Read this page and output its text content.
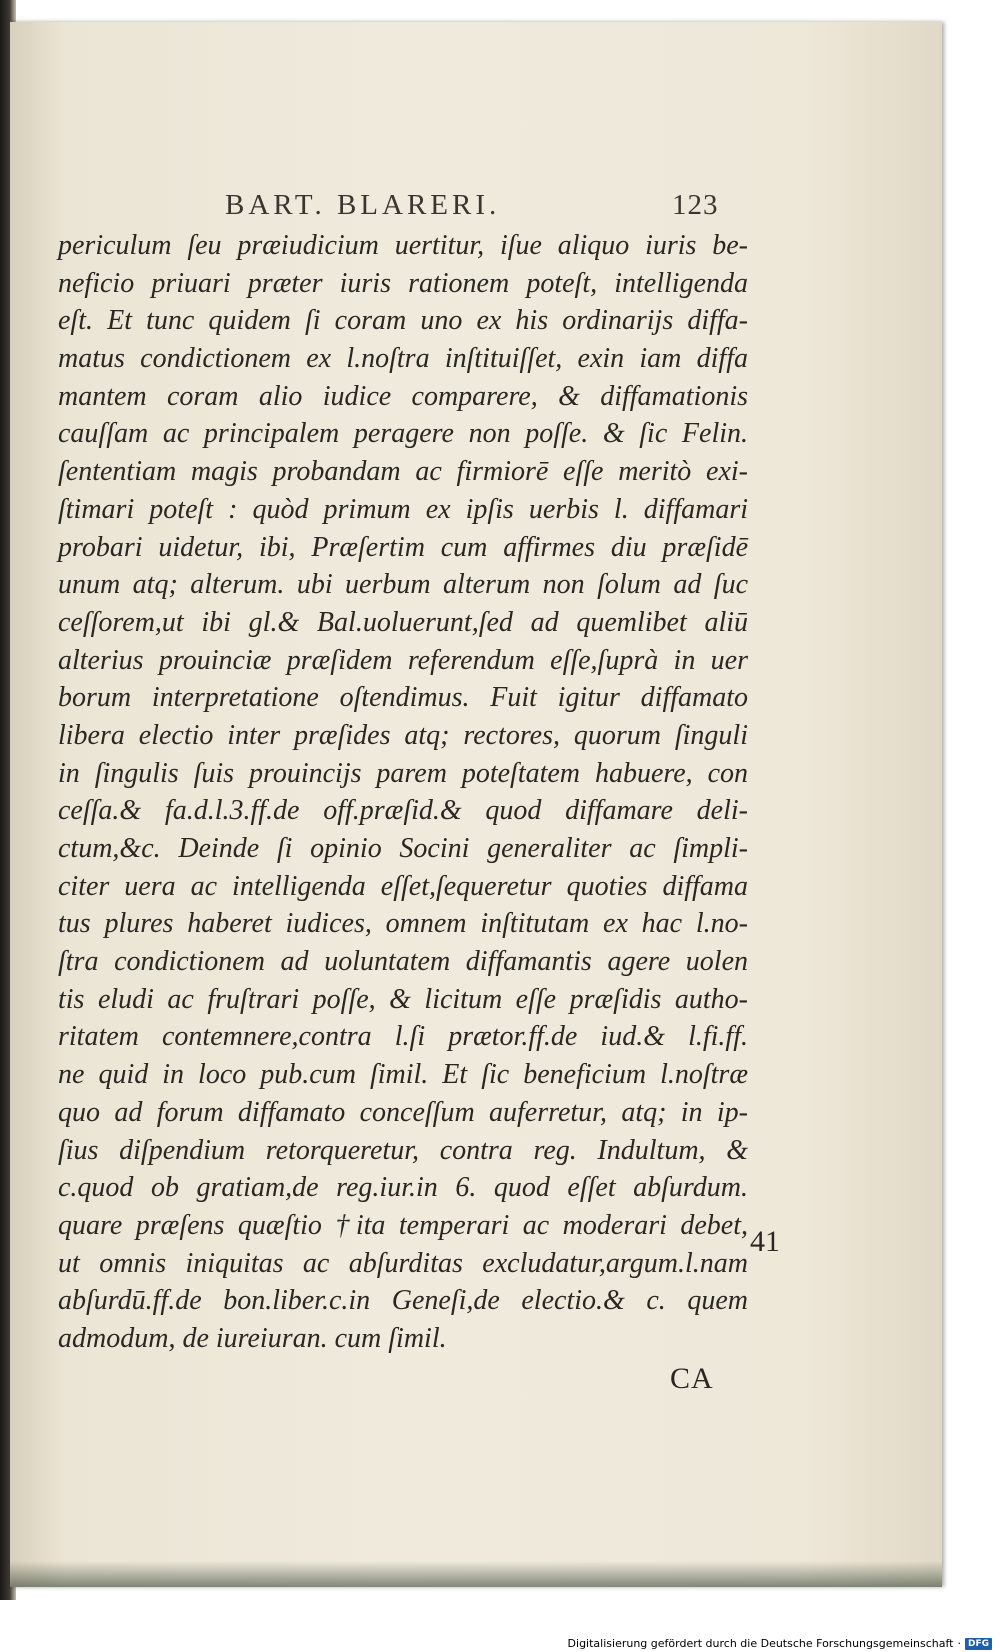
BART. BLARERI.	123
periculum ſeu præiudicium uertitur, iſue aliquo iuris be-
neficio priuari præter iuris rationem poteſt, intelligenda
eſt. Et tunc quidem ſi coram uno ex his ordinarijs diffa-
matus condictionem ex l.noſtra inſtituiſſet, exin iam diffa
mantem coram alio iudice comparere, & diffamationis
cauſſam ac principalem peragere non poſſe. & ſic Felin.
ſententiam magis probandam ac firmiorē eſſe meritò exi-
ſtimari poteſt : quòd primum ex ipſis uerbis l. diffamari
probari uidetur, ibi, Præſertim cum affirmes diu præſidē
unum atq; alterum. ubi uerbum alterum non ſolum ad ſuc
ceſſorem,ut ibi gl.& Bal.uoluerunt,ſed ad quemlibet aliū
alterius prouinciæ præſidem referendum eſſe,ſuprà in uer
borum interpretatione oſtendimus. Fuit igitur diffamato
libera electio inter præſides atq; rectores, quorum ſinguli
in ſingulis ſuis prouincijs parem poteſtatem habuere, con
ceſſa.& fa.d.l.3.ff.de off.præſid.& quod diffamare deli-
ctum,&c. Deinde ſi opinio Socini generaliter ac ſimpli-
citer uera ac intelligenda eſſet,ſequeretur quoties diffama
tus plures haberet iudices, omnem inſtitutam ex hac l.no-
ſtra condictionem ad uoluntatem diffamantis agere uolen
tis eludi ac fruſtrari poſſe, & licitum eſſe præſidis autho-
ritatem contemnere,contra l.ſi prætor.ff.de iud.& l.fi.ff.
ne quid in loco pub.cum ſimil. Et ſic beneficium l.noſtræ
quo ad forum diffamato conceſſum auferretur, atq; in ip-
ſius diſpendium retorqueretur, contra reg. Indultum, &
c.quod ob gratiam,de reg.iur.in 6. quod eſſet abſurdum.
quare præſens quæſtio †ita temperari ac moderari debet,
ut omnis iniquitas ac abſurditas excludatur,argum.l.nam
abſurdū.ff.de bon.liber.c.in Geneſi,de electio.& c. quem
admodum, de iureiuran. cum ſimil.
41
CA
Digitalisierung gefördert durch die Deutsche Forschungsgemeinschaft · DFG
